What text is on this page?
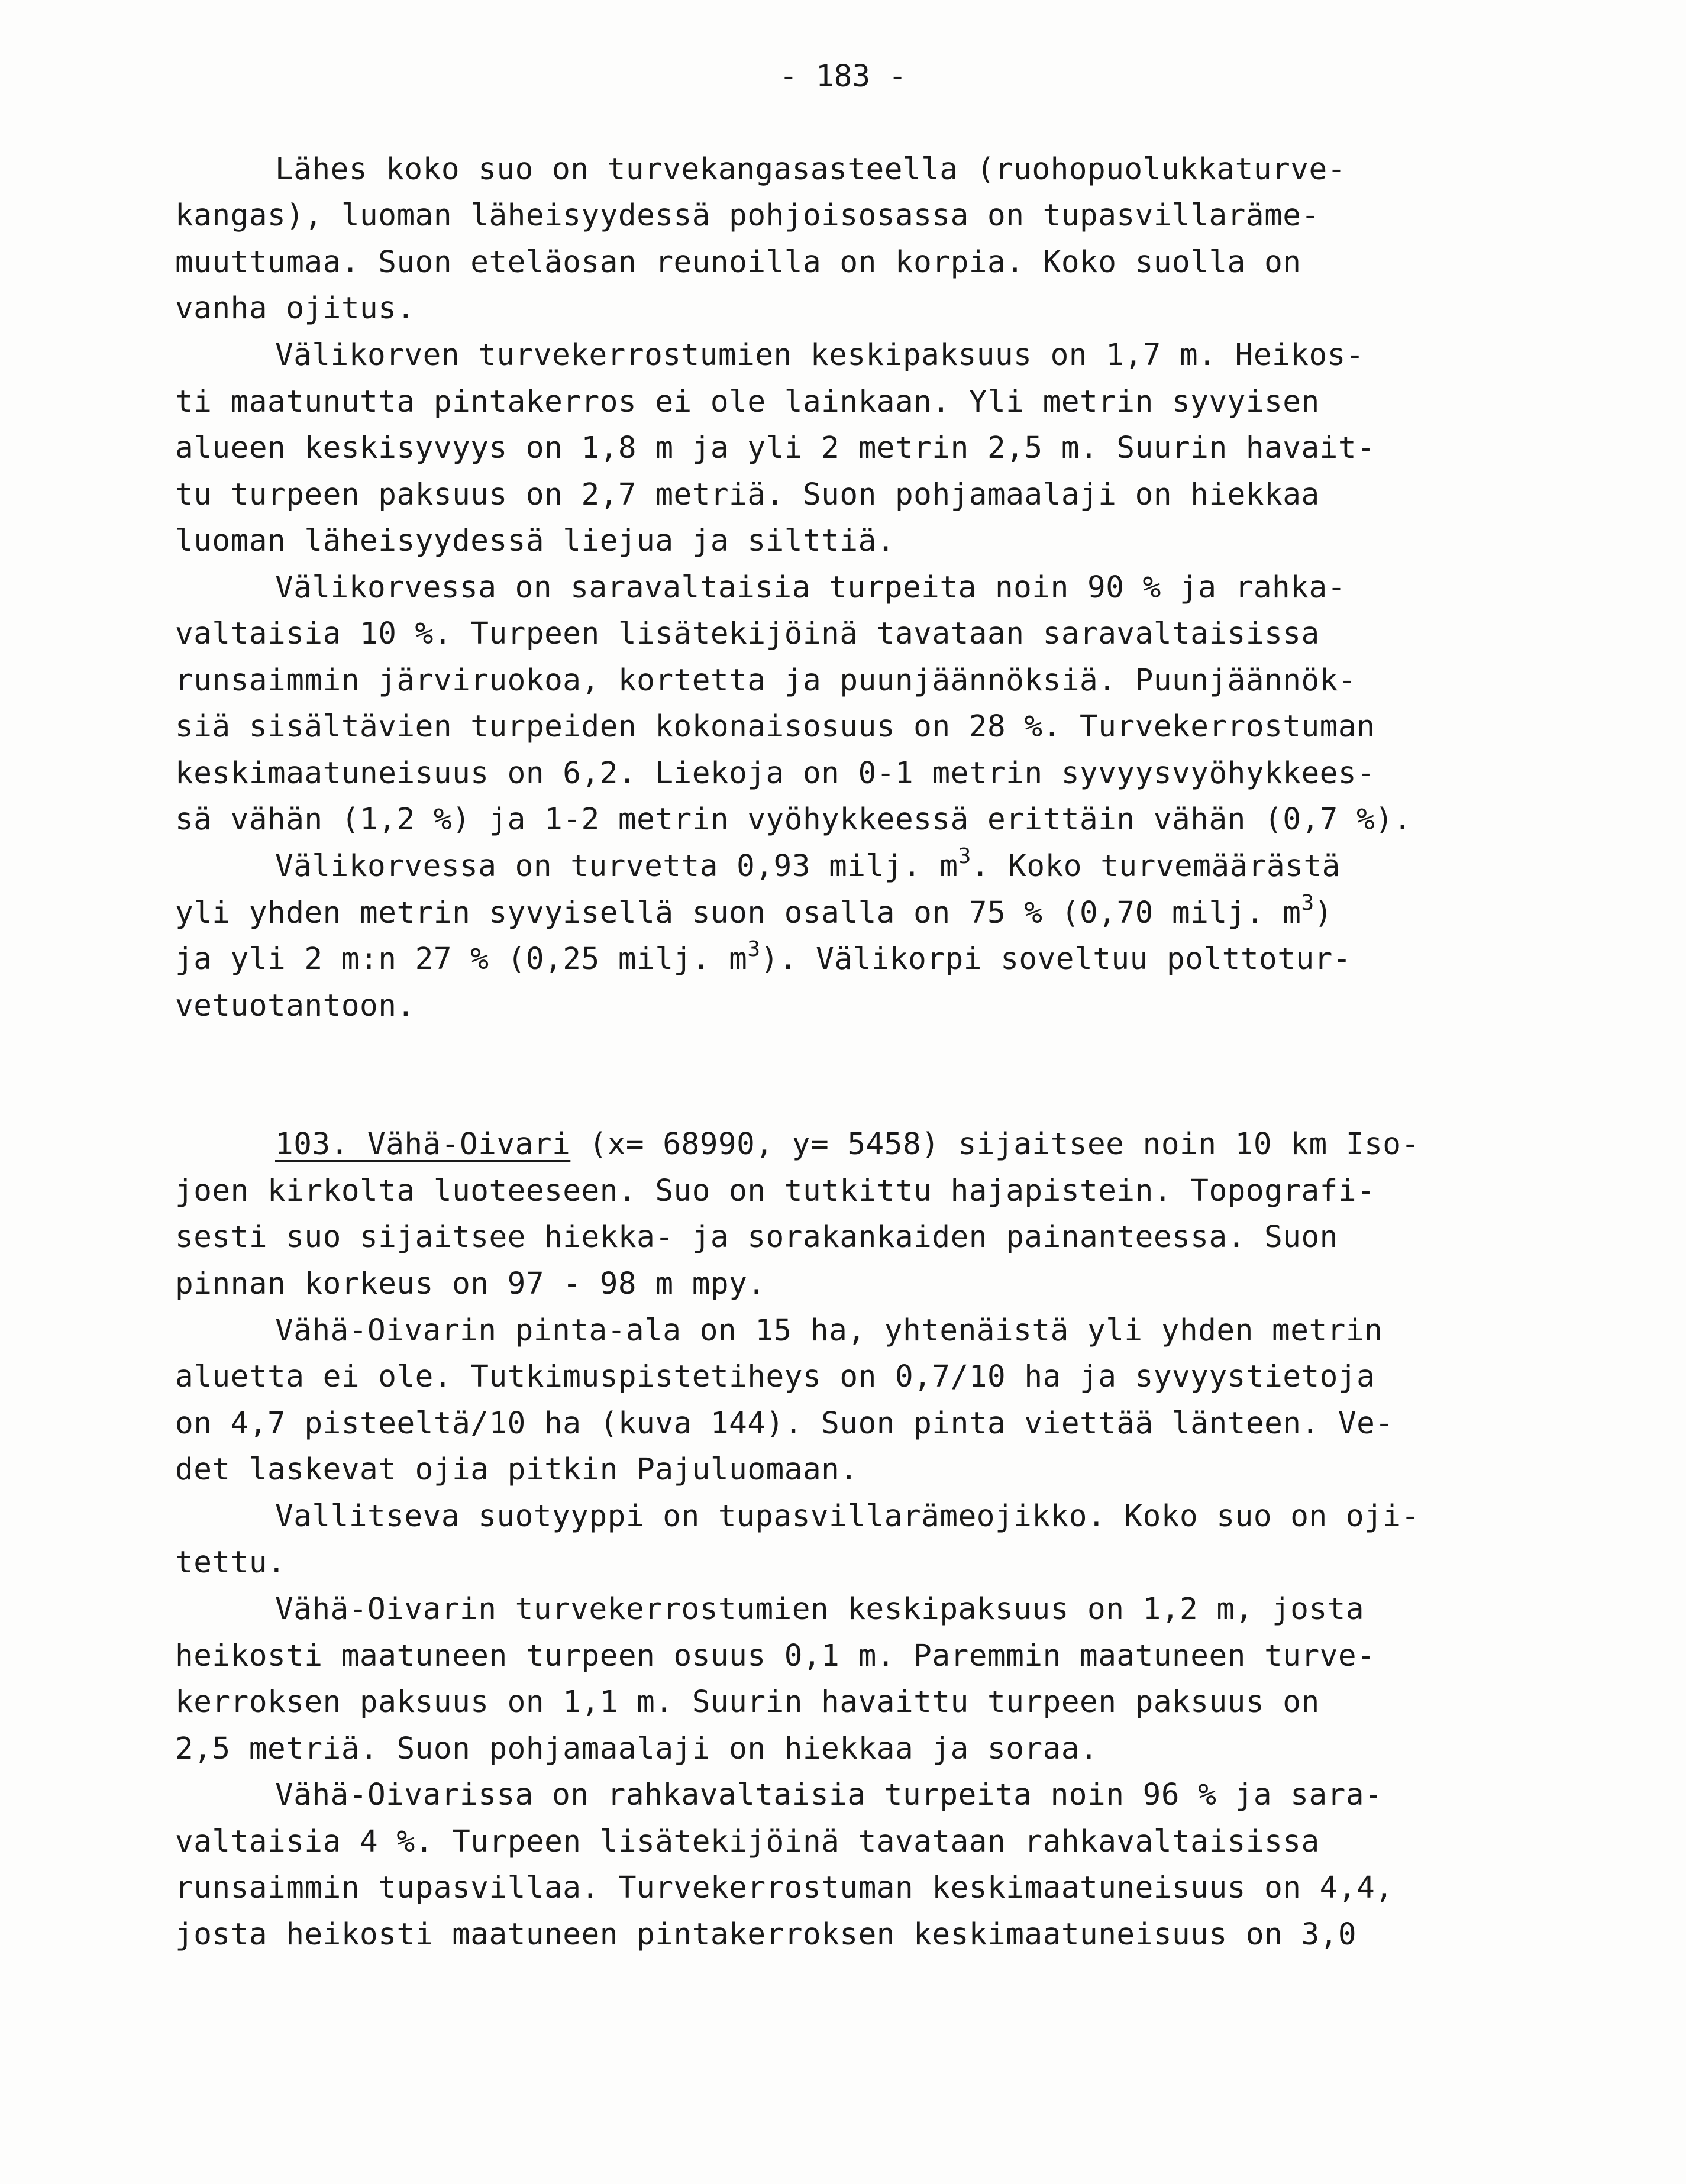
- 183 -
Lähes koko suo on turvekangasasteella (ruohopuolukkaturve-
kangas), luoman läheisyydessä pohjoisosassa on tupasvillaräme-
muuttumaa. Suon eteläosan reunoilla on korpia. Koko suolla on
vanha ojitus.
Välikorven turvekerrostumien keskipaksuus on 1,7 m. Heikos-
ti maatunutta pintakerros ei ole lainkaan. Yli metrin syvyisen
alueen keskisyvyys on 1,8 m ja yli 2 metrin 2,5 m. Suurin havait-
tu turpeen paksuus on 2,7 metriä. Suon pohjamaalaji on hiekkaa
luoman läheisyydessä liejua ja silttiä.
Välikorvessa on saravaltaisia turpeita noin 90 % ja rahka-
valtaisia 10 %. Turpeen lisätekijöinä tavataan saravaltaisissa
runsaimmin järviruokoa, kortetta ja puunjäännöksiä. Puunjäännök-
siä sisältävien turpeiden kokonaisosuus on 28 %. Turvekerrostuman
keskimaatuneisuus on 6,2. Liekoja on 0-1 metrin syvyysvyöhykkees-
sä vähän (1,2 %) ja 1-2 metrin vyöhykkeessä erittäin vähän (0,7 %).
Välikorvessa on turvetta 0,93 milj. $m^3$. Koko turvemäärästä
yli yhden metrin syvyisellä suon osalla on 75 % (0,70 milj. $m^3$)
ja yli 2 m:n 27 % (0,25 milj. $m^3$). Välikorpi soveltuu polttotur-
vetuotantoon.
103. Vähä-Oivari (x= 68990, y= 5458) sijaitsee noin 10 km Iso-
joen kirkolta luoteeseen. Suo on tutkittu hajapistein. Topografi-
sesti suo sijaitsee hiekka- ja sorakankaiden painanteessa. Suon
pinnan korkeus on 97 - 98 m mpy.
Vähä-Oivarin pinta-ala on 15 ha, yhtenäistä yli yhden metrin
aluetta ei ole. Tutkimuspistetiheys on 0,7/10 ha ja syvyystietoja
on 4,7 pisteeltä/10 ha (kuva 144). Suon pinta viettää länteen. Ve-
det laskevat ojia pitkin Pajuluomaan.
Vallitseva suotyyppi on tupasvillarämeojikko. Koko suo on oji-
tettu.
Vähä-Oivarin turvekerrostumien keskipaksuus on 1,2 m, josta
heikosti maatuneen turpeen osuus 0,1 m. Paremmin maatuneen turve-
kerroksen paksuus on 1,1 m. Suurin havaittu turpeen paksuus on
2,5 metriä. Suon pohjamaalaji on hiekkaa ja soraa.
Vähä-Oivarissa on rahkavaltaisia turpeita noin 96 % ja sara-
valtaisia 4 %. Turpeen lisätekijöinä tavataan rahkavaltaisissa
runsaimmin tupasvillaa. Turvekerrostuman keskimaatuneisuus on 4,4,
josta heikosti maatuneen pintakerroksen keskimaatuneisuus on 3,0
